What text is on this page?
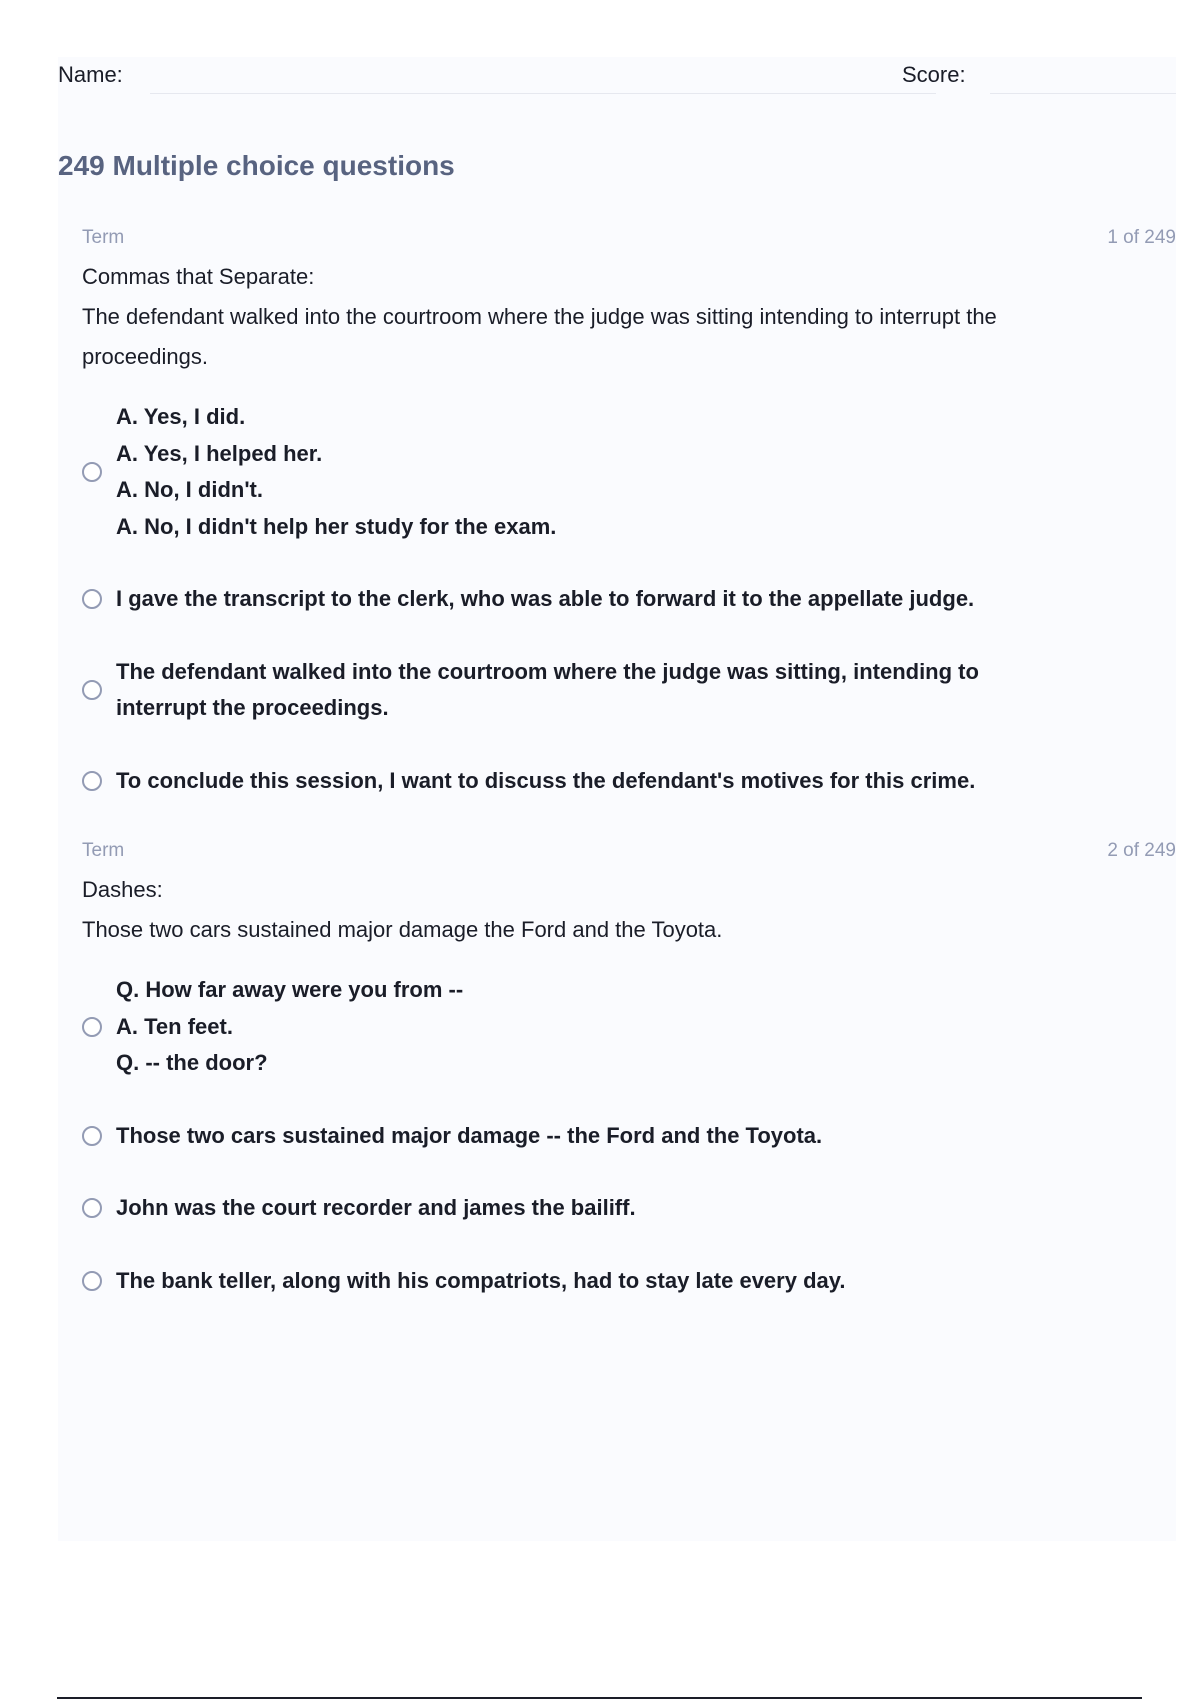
Name:	Score:
249 Multiple choice questions
Term	1 of 249
Commas that Separate:
The defendant walked into the courtroom where the judge was sitting intending to interrupt the
proceedings.
A. Yes, I did.
A. Yes, I helped her.
A. No, I didn't.
A. No, I didn't help her study for the exam.
I gave the transcript to the clerk, who was able to forward it to the appellate judge.
The defendant walked into the courtroom where the judge was sitting, intending to
interrupt the proceedings.
To conclude this session, I want to discuss the defendant's motives for this crime.
Term	2 of 249
Dashes:
Those two cars sustained major damage the Ford and the Toyota.
Q. How far away were you from --
A. Ten feet.
Q. -- the door?
Those two cars sustained major damage -- the Ford and the Toyota.
John was the court recorder and james the bailiff.
The bank teller, along with his compatriots, had to stay late every day.
